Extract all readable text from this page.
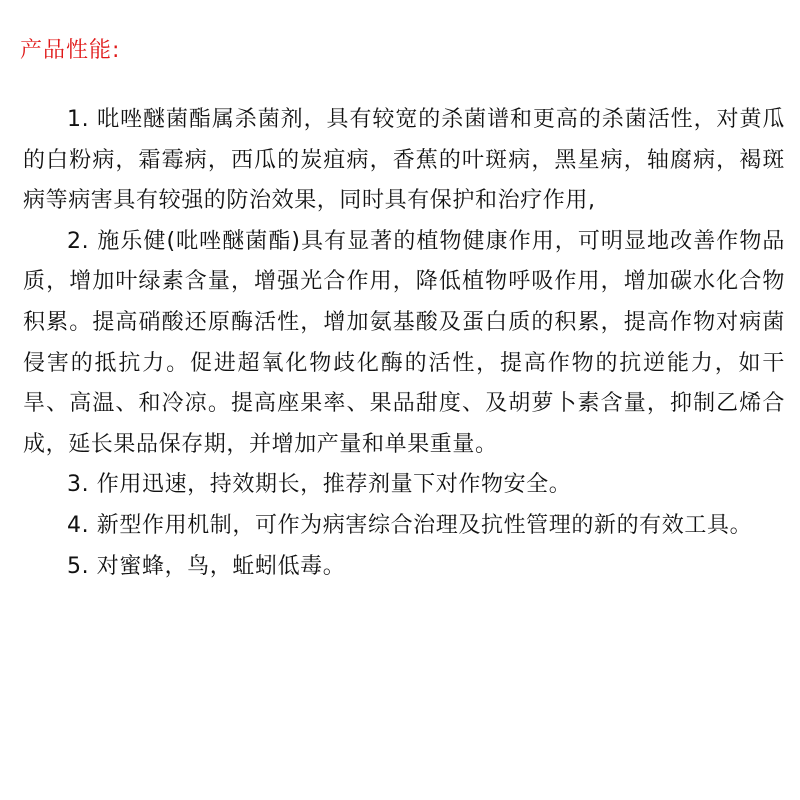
产品性能:

1. 吡唑醚菌酯属杀菌剂，具有较宽的杀菌谱和更高的杀菌活性，对黄瓜的白粉病，霜霉病，西瓜的炭疽病，香蕉的叶斑病，黑星病，轴腐病，褐斑病等病害具有较强的防治效果，同时具有保护和治疗作用,

2. 施乐健(吡唑醚菌酯)具有显著的植物健康作用，可明显地改善作物品质，增加叶绿素含量，增强光合作用，降低植物呼吸作用，增加碳水化合物积累。提高硝酸还原酶活性，增加氨基酸及蛋白质的积累，提高作物对病菌侵害的抵抗力。促进超氧化物歧化酶的活性，提高作物的抗逆能力，如干旱、高温、和冷凉。提高座果率、果品甜度、及胡萝卜素含量，抑制乙烯合成，延长果品保存期，并增加产量和单果重量。

3. 作用迅速，持效期长，推荐剂量下对作物安全。

4. 新型作用机制，可作为病害综合治理及抗性管理的新的有效工具。

5. 对蜜蜂，鸟，蚯蚓低毒。
